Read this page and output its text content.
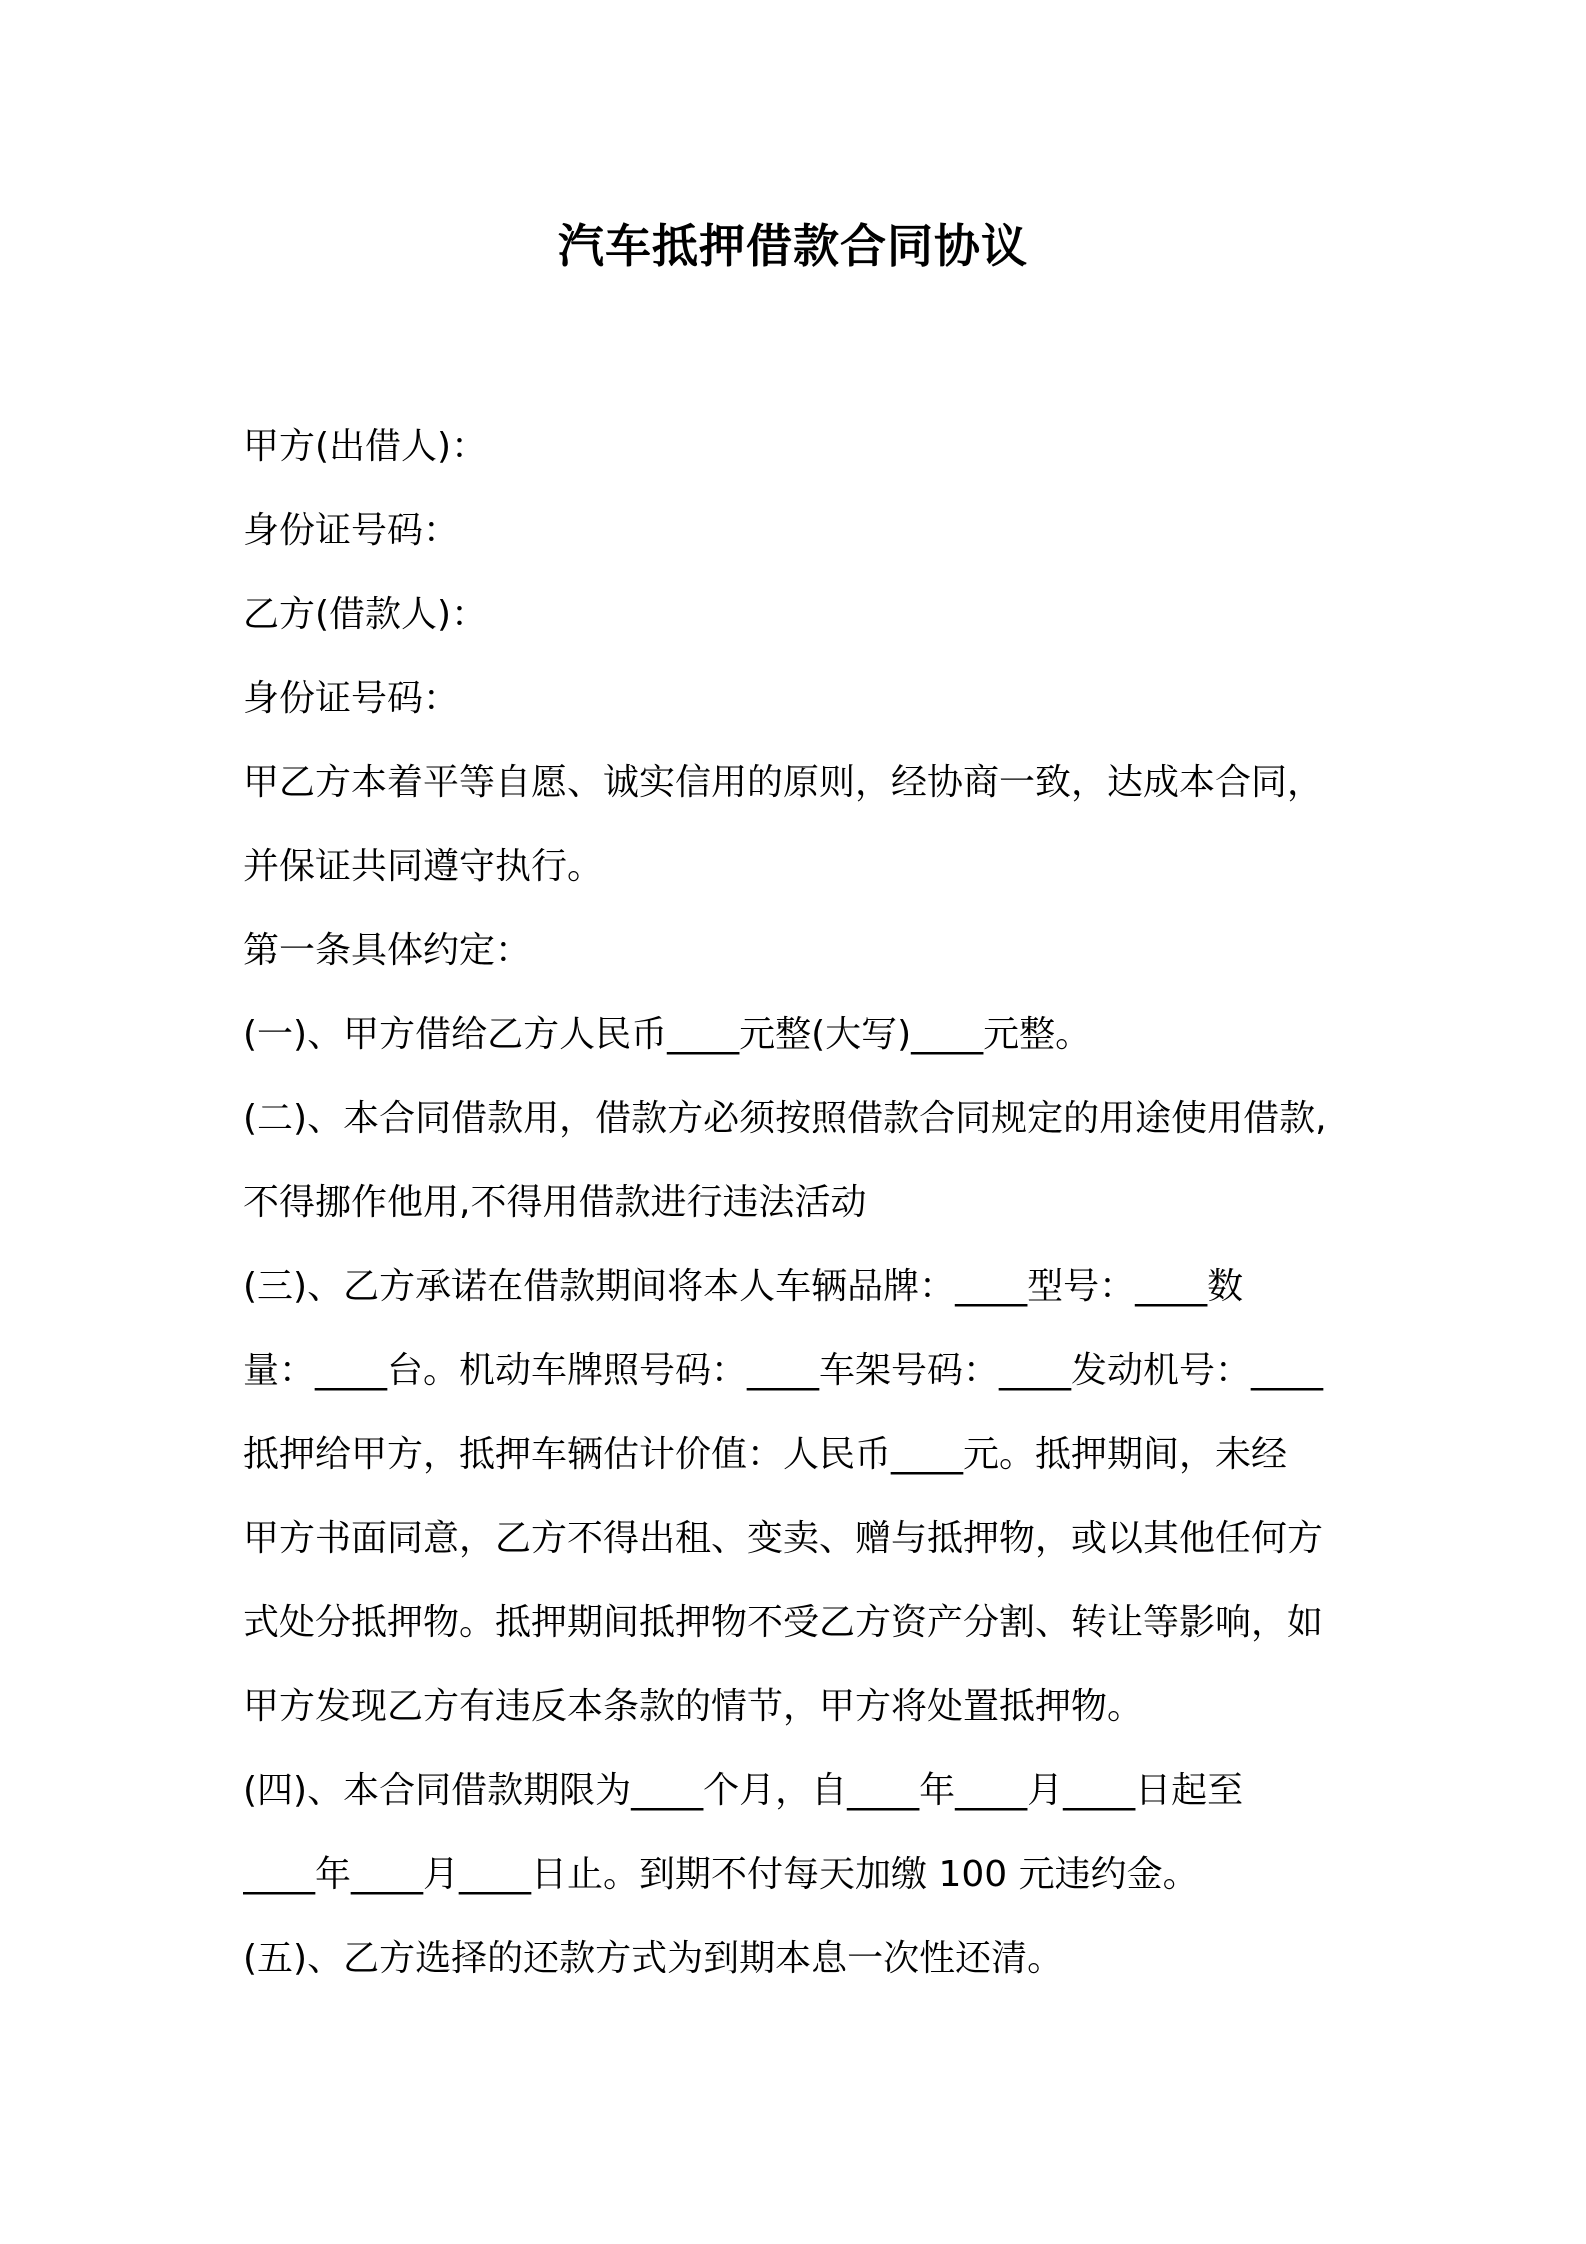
汽车抵押借款合同协议
甲方(出借人)：
身份证号码：
乙方(借款人)：
身份证号码：
甲乙方本着平等自愿、诚实信用的原则，经协商一致，达成本合同，
并保证共同遵守执行。
第一条具体约定：
(一)、甲方借给乙方人民币____元整(大写)____元整。
(二)、本合同借款用，借款方必须按照借款合同规定的用途使用借款,
不得挪作他用,不得用借款进行违法活动
(三)、乙方承诺在借款期间将本人车辆品牌：____型号：____数
量：____台。机动车牌照号码：____车架号码：____发动机号：____
抵押给甲方，抵押车辆估计价值：人民币____元。抵押期间，未经
甲方书面同意，乙方不得出租、变卖、赠与抵押物，或以其他任何方
式处分抵押物。抵押期间抵押物不受乙方资产分割、转让等影响，如
甲方发现乙方有违反本条款的情节，甲方将处置抵押物。
(四)、本合同借款期限为____个月，自____年____月____日起至
____年____月____日止。到期不付每天加缴 100 元违约金。
(五)、乙方选择的还款方式为到期本息一次性还清。
